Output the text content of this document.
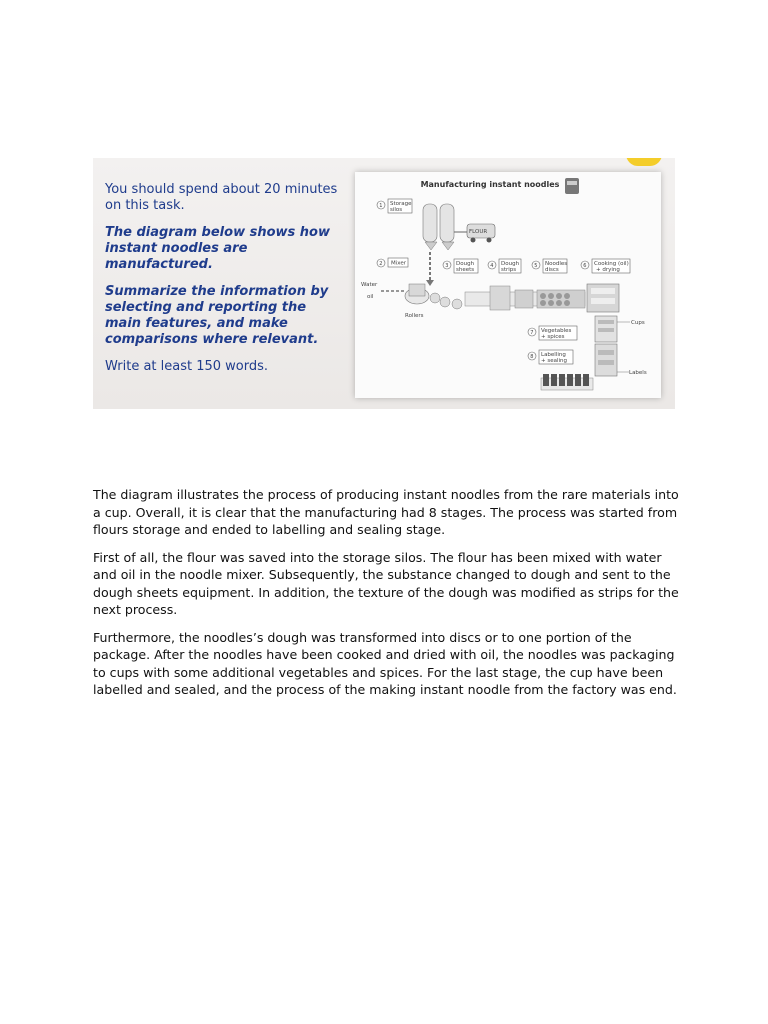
You should spend about 20 minutes on this task.

The diagram below shows how instant noodles are manufactured.

Summarize the information by selecting and reporting the main features, and make comparisons where relevant.

Write at least 150 words.

Manufacturing instant noodles
1 Storage
silos
FLOUR
2 Mixer
Water
oil
Rollers
3 Dough
sheets
4 Dough
strips
5 Noodles
discs
6 Cooking (oil)
+ drying
Cups
Labels
7 Vegetables
+ spices
8 Labelling
+ sealing

The diagram illustrates the process of producing instant noodles from the rare materials into a cup. Overall, it is clear that the manufacturing had 8 stages. The process was started from flours storage and ended to labelling and sealing stage.

First of all, the flour was saved into the storage silos. The flour has been mixed with water and oil in the noodle mixer. Subsequently, the substance changed to dough and sent to the dough sheets equipment. In addition, the texture of the dough was modified as strips for the next process.

Furthermore, the noodles’s dough was transformed into discs or to one portion of the package. After the noodles have been cooked and dried with oil, the noodles was packaging to cups with some additional vegetables and spices. For the last stage, the cup have been labelled and sealed, and the process of the making instant noodle from the factory was end.
